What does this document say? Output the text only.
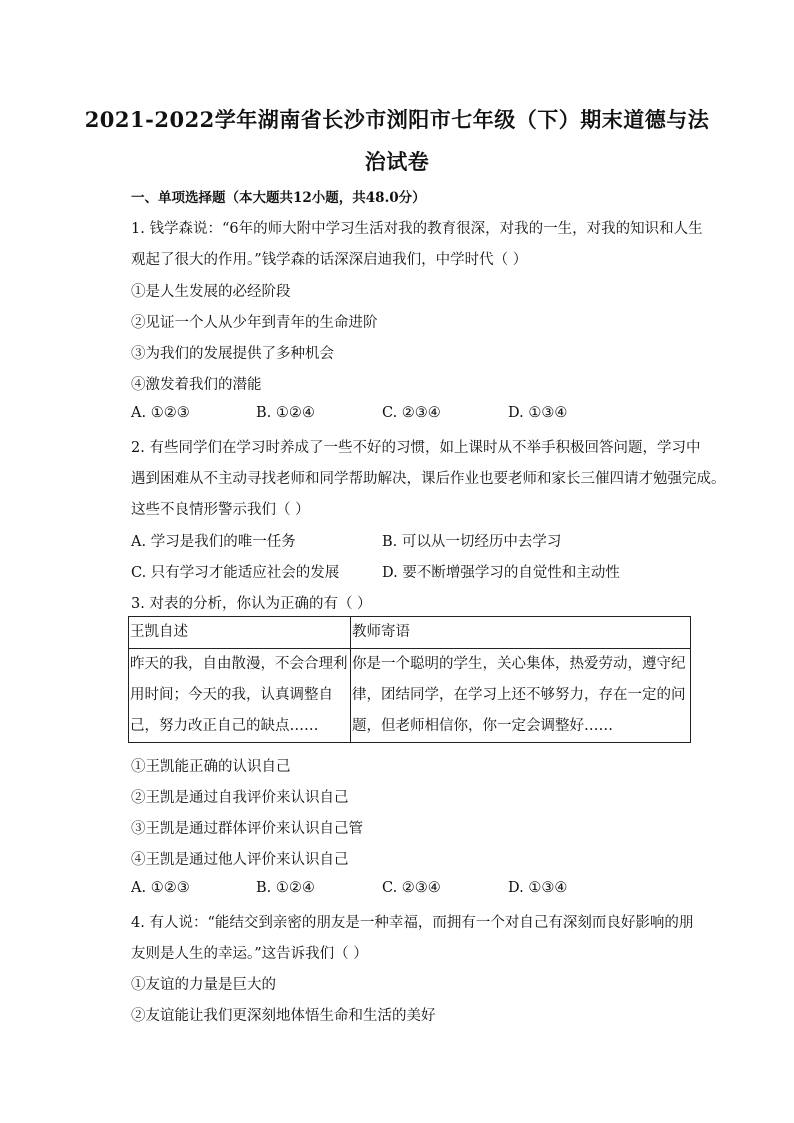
2021-2022学年湖南省长沙市浏阳市七年级（下）期末道德与法
治试卷
一、单项选择题（本大题共12小题，共48.0分）
1. 钱学森说：“6年的师大附中学习生活对我的教育很深，对我的一生，对我的知识和人生
观起了很大的作用。”钱学森的话深深启迪我们，中学时代（ ）
①是人生发展的必经阶段
②见证一个人从少年到青年的生命进阶
③为我们的发展提供了多种机会
④激发着我们的潜能
A. ①②③	B. ①②④	C. ②③④	D. ①③④
2. 有些同学们在学习时养成了一些不好的习惯，如上课时从不举手积极回答问题，学习中
遇到困难从不主动寻找老师和同学帮助解决，课后作业也要老师和家长三催四请才勉强完成。
这些不良情形警示我们（ ）
A. 学习是我们的唯一任务	B. 可以从一切经历中去学习
C. 只有学习才能适应社会的发展	D. 要不断增强学习的自觉性和主动性
3. 对表的分析，你认为正确的有（ ）
王凯自述	教师寄语

昨天的我，自由散漫，不会合理利用时间；今天的我，认真调整自己，努力改正自己的缺点……	你是一个聪明的学生，关心集体，热爱劳动，遵守纪律，团结同学，在学习上还不够努力，存在一定的问题，但老师相信你，你一定会调整好……
①王凯能正确的认识自己
②王凯是通过自我评价来认识自己
③王凯是通过群体评价来认识自己管
④王凯是通过他人评价来认识自己
A. ①②③	B. ①②④	C. ②③④	D. ①③④
4. 有人说：“能结交到亲密的朋友是一种幸福，而拥有一个对自己有深刻而良好影响的朋
友则是人生的幸运。”这告诉我们（ ）
①友谊的力量是巨大的
②友谊能让我们更深刻地体悟生命和生活的美好
